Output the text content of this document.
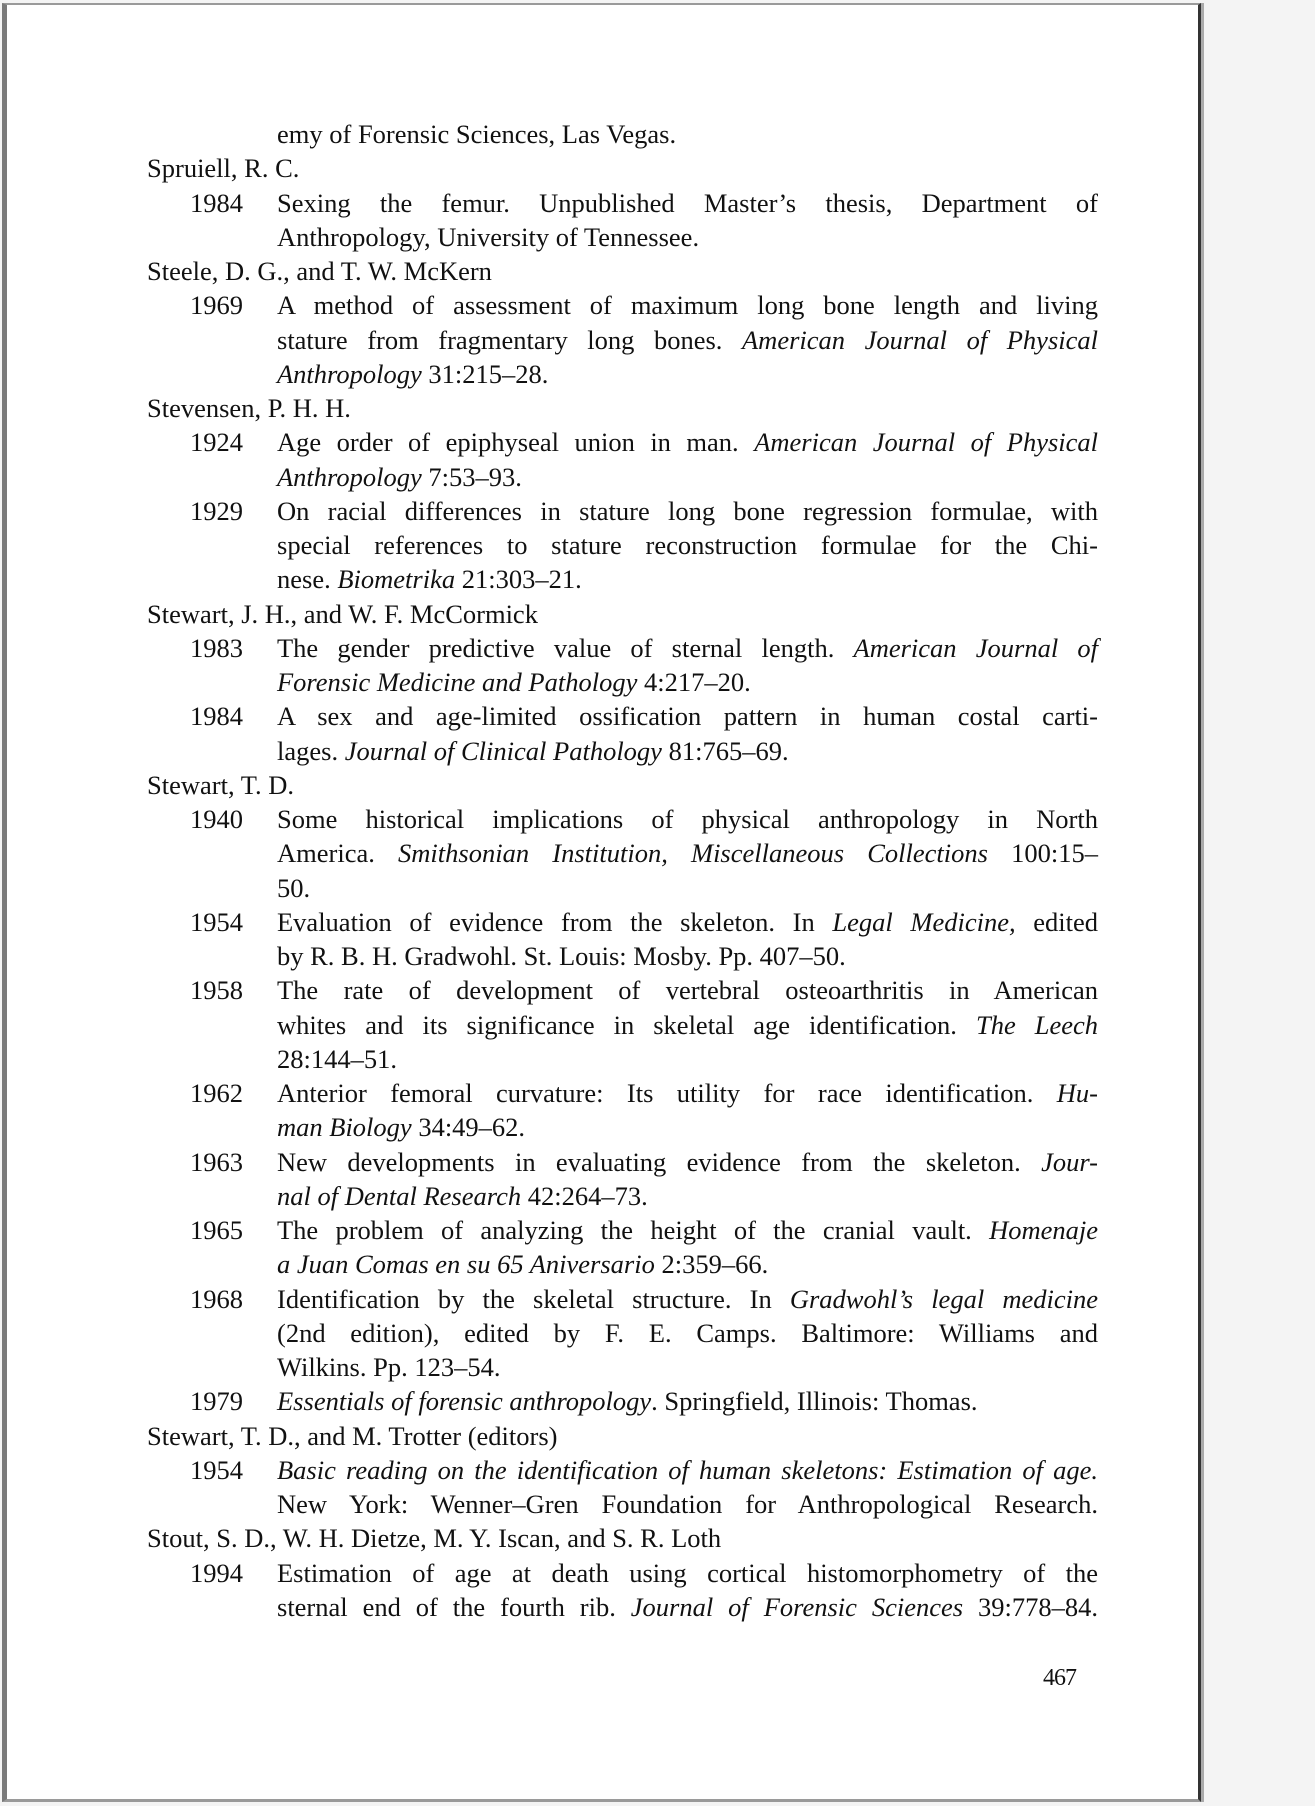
emy of Forensic Sciences, Las Vegas.
Spruiell, R. C.
1984 Sexing the femur. Unpublished Master’s thesis, Department of
Anthropology, University of Tennessee.
Steele, D. G., and T. W. McKern
1969 A method of assessment of maximum long bone length and living
stature from fragmentary long bones. American Journal of Physical
Anthropology 31:215–28.
Stevensen, P. H. H.
1924 Age order of epiphyseal union in man. American Journal of Physical
Anthropology 7:53–93.
1929 On racial differences in stature long bone regression formulae, with
special references to stature reconstruction formulae for the Chi-
nese. Biometrika 21:303–21.
Stewart, J. H., and W. F. McCormick
1983 The gender predictive value of sternal length. American Journal of
Forensic Medicine and Pathology 4:217–20.
1984 A sex and age-limited ossification pattern in human costal carti-
lages. Journal of Clinical Pathology 81:765–69.
Stewart, T. D.
1940 Some historical implications of physical anthropology in North
America. Smithsonian Institution, Miscellaneous Collections 100:15–
50.
1954 Evaluation of evidence from the skeleton. In Legal Medicine, edited
by R. B. H. Gradwohl. St. Louis: Mosby. Pp. 407–50.
1958 The rate of development of vertebral osteoarthritis in American
whites and its significance in skeletal age identification. The Leech
28:144–51.
1962 Anterior femoral curvature: Its utility for race identification. Hu-
man Biology 34:49–62.
1963 New developments in evaluating evidence from the skeleton. Jour-
nal of Dental Research 42:264–73.
1965 The problem of analyzing the height of the cranial vault. Homenaje
a Juan Comas en su 65 Aniversario 2:359–66.
1968 Identification by the skeletal structure. In Gradwohl’s legal medicine
(2nd edition), edited by F. E. Camps. Baltimore: Williams and
Wilkins. Pp. 123–54.
1979 Essentials of forensic anthropology. Springfield, Illinois: Thomas.
Stewart, T. D., and M. Trotter (editors)
1954 Basic reading on the identification of human skeletons: Estimation of age.
New York: Wenner–Gren Foundation for Anthropological Research.
Stout, S. D., W. H. Dietze, M. Y. Iscan, and S. R. Loth
1994 Estimation of age at death using cortical histomorphometry of the
sternal end of the fourth rib. Journal of Forensic Sciences 39:778–84.
467
